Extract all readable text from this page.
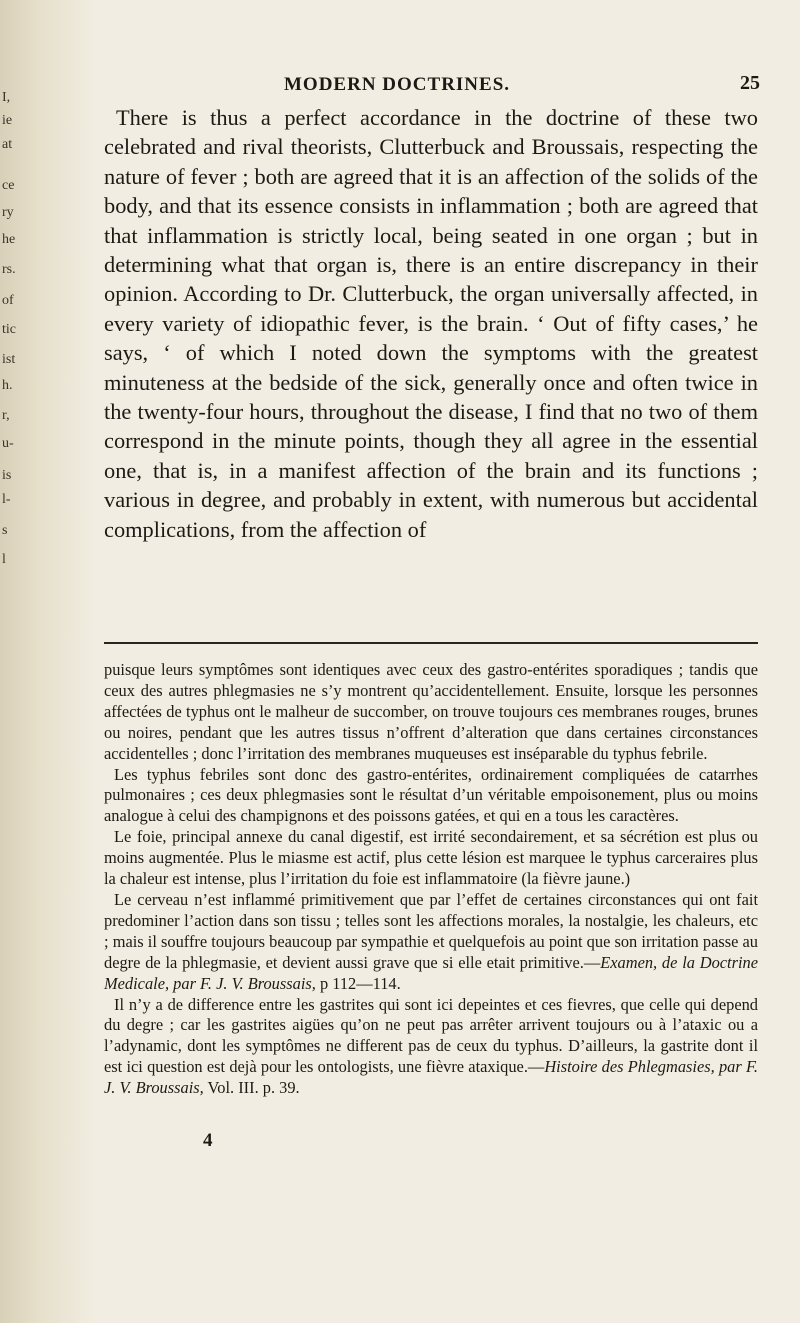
I,
ie
at
ce
ry
he
rs.
of
tic
ist
h.
r,
u-
is
l-
s
l
MODERN DOCTRINES.	25

There is thus a perfect accordance in the doctrine of these two celebrated and rival theorists, Clutterbuck and Broussais, respecting the nature of fever ; both are agreed that it is an affection of the solids of the body, and that its essence consists in inflammation ; both are agreed that that inflammation is strictly local, being seated in one organ ; but in determining what that organ is, there is an entire discrepancy in their opinion. According to Dr. Clutterbuck, the organ universally affected, in every variety of idiopathic fever, is the brain. ‘ Out of fifty cases,’ he says, ‘ of which I noted down the symptoms with the greatest minuteness at the bedside of the sick, generally once and often twice in the twenty-four hours, throughout the disease, I find that no two of them correspond in the minute points, though they all agree in the essential one, that is, in a manifest affection of the brain and its functions ; various in degree, and probably in extent, with numerous but accidental complications, from the affection of

puisque leurs symptômes sont identiques avec ceux des gastro-entérites sporadiques ; tandis que ceux des autres phlegmasies ne s’y montrent qu’accidentellement. Ensuite, lorsque les personnes affectées de typhus ont le malheur de succomber, on trouve toujours ces membranes rouges, brunes ou noires, pendant que les autres tissus n’offrent d’alteration que dans certaines circonstances accidentelles ; donc l’irritation des membranes muqueuses est inséparable du typhus febrile.

Les typhus febriles sont donc des gastro-entérites, ordinairement compliquées de catarrhes pulmonaires ; ces deux phlegmasies sont le résultat d’un véritable empoisonement, plus ou moins analogue à celui des champignons et des poissons gatées, et qui en a tous les caractères.

Le foie, principal annexe du canal digestif, est irrité secondairement, et sa sécrétion est plus ou moins augmentée. Plus le miasme est actif, plus cette lésion est marquee le typhus carceraires plus la chaleur est intense, plus l’irritation du foie est inflammatoire (la fièvre jaune.)

Le cerveau n’est inflammé primitivement que par l’effet de certaines circonstances qui ont fait predominer l’action dans son tissu ; telles sont les affections morales, la nostalgie, les chaleurs, etc ; mais il souffre toujours beaucoup par sympathie et quelquefois au point que son irritation passe au degre de la phlegmasie, et devient aussi grave que si elle etait primitive.—Examen, de la Doctrine Medicale, par F. J. V. Broussais, p 112—114.

Il n’y a de difference entre les gastrites qui sont ici depeintes et ces fievres, que celle qui depend du degre ; car les gastrites aigües qu’on ne peut pas arrêter arrivent toujours ou à l’ataxic ou a l’adynamic, dont les symptômes ne different pas de ceux du typhus. D’ailleurs, la gastrite dont il est ici question est dejà pour les ontologists, une fièvre ataxique.—Histoire des Phlegmasies, par F. J. V. Broussais, Vol. III. p. 39.

4
